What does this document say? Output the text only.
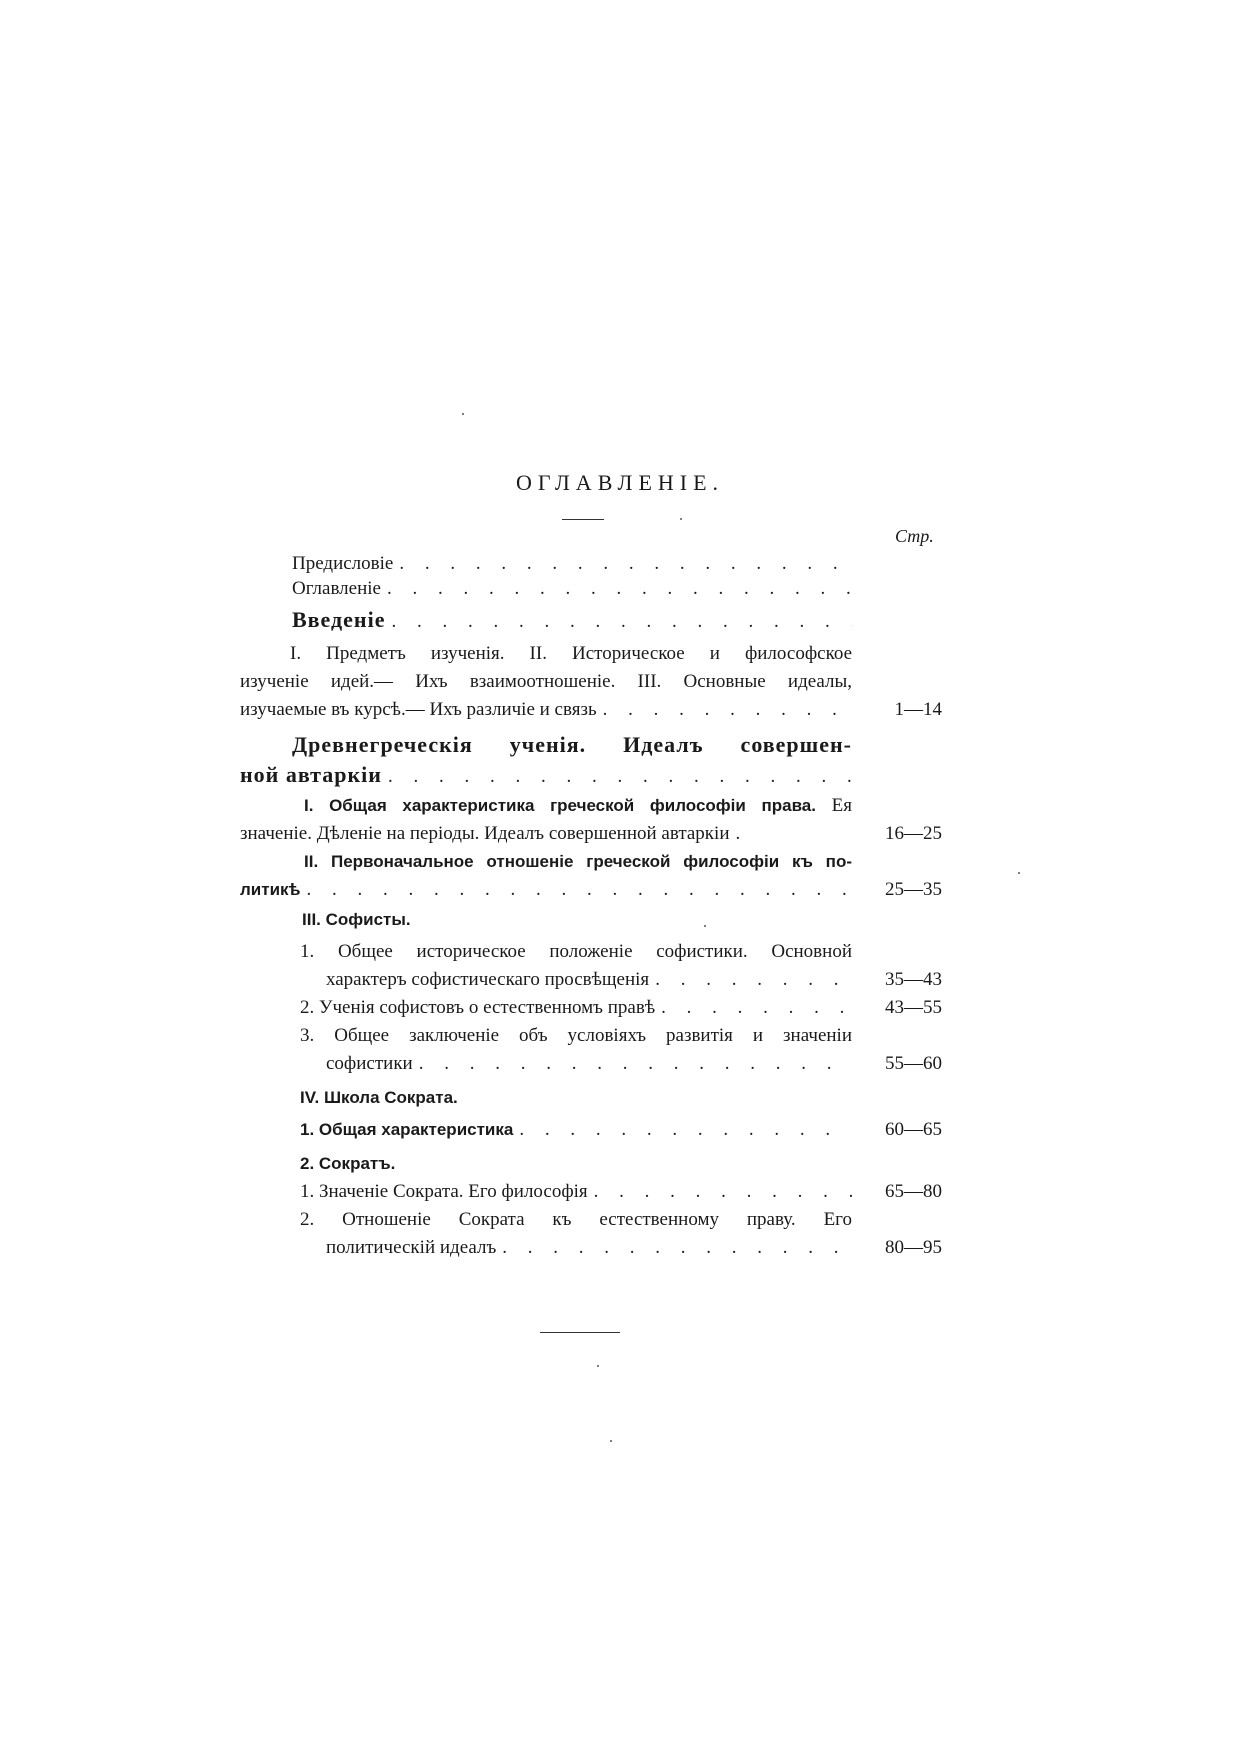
ОГЛАВЛЕНІЕ.
Стр.
Предисловіе
. . .
Оглавленіе
. . .
Введеніе
. . .
I. Предметъ изученія. II. Историческое и философское
изученіе идей.— Ихъ взаимоотношеніе. III. Основные идеалы,
изучаемые въ курсѣ.— Ихъ различіе и связь . . .	1—14
Древнегреческія ученія. Идеалъ совершен-
ной автаркіи
. . .
I. Общая характеристика греческой философіи права. Ея
значеніе. Дѣленіе на періоды. Идеалъ совершенной автаркіи . . .	16—25
II. Первоначальное отношеніе греческой философіи къ по-
литикѣ . . .	25—35
III. Софисты.
1. Общее историческое положеніе софистики. Основной
характеръ софистическаго просвѣщенія . . .	35—43
2. Ученія софистовъ о естественномъ правѣ . . .	43—55
3. Общее заключеніе объ условіяхъ развитія и значеніи
софистики . . .	55—60
IV. Школа Сократа.
1. Общая характеристика . . .	60—65
2. Сократъ.
1. Значеніе Сократа. Его философія . . .	65—80
2. Отношеніе Сократа къ естественному праву. Его
политическій идеалъ . . .	80—95
